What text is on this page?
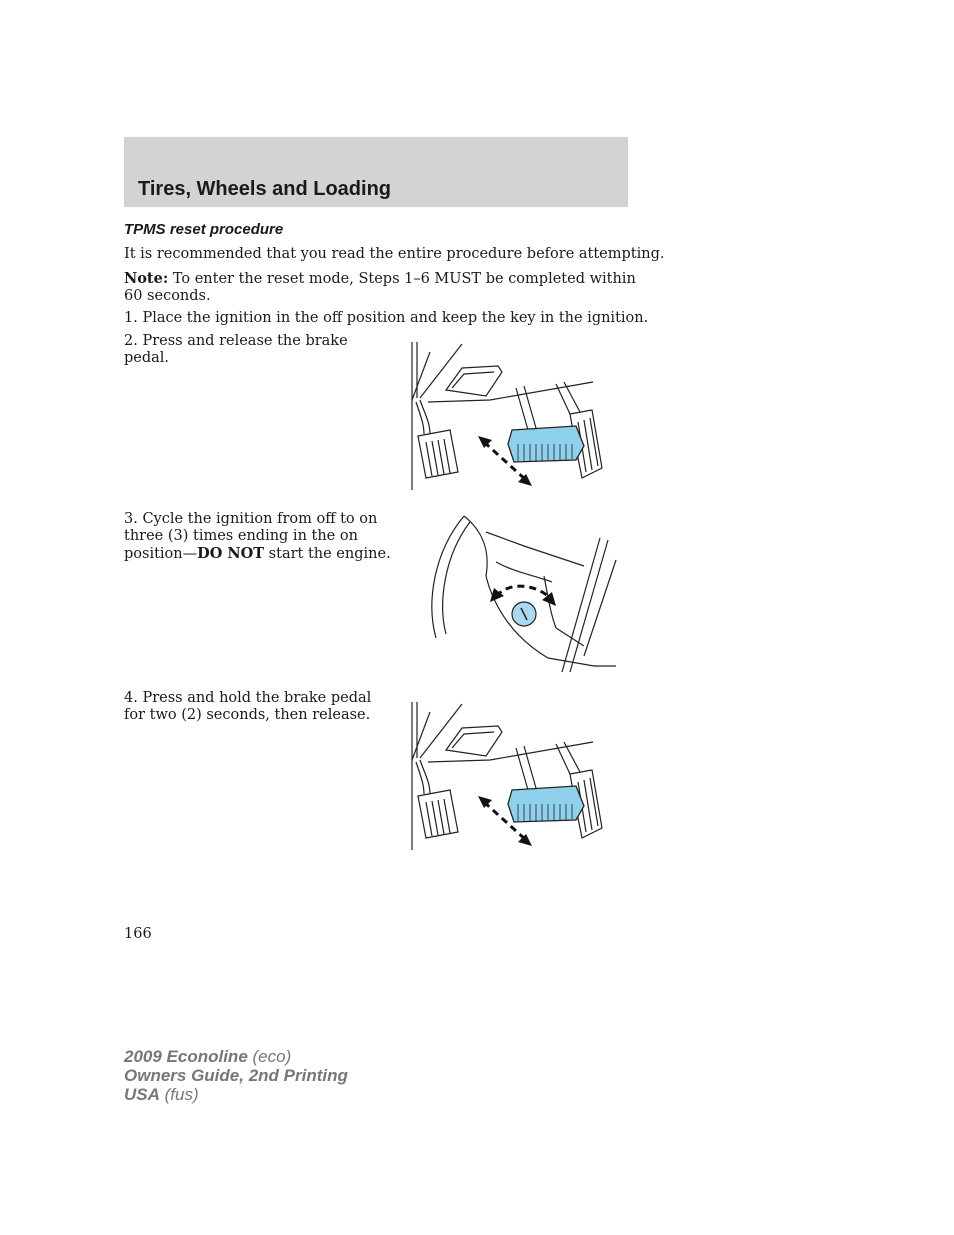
Tires, Wheels and Loading
TPMS reset procedure

It is recommended that you read the entire procedure before attempting.

Note: To enter the reset mode, Steps 1–6 MUST be completed within
60 seconds.

1. Place the ignition in the off position and keep the key in the ignition.

2. Press and release the brake
pedal.

3. Cycle the ignition from off to on
three (3) times ending in the on
position—DO NOT start the engine.

4. Press and hold the brake pedal
for two (2) seconds, then release.

166
2009 Econoline (eco)
Owners Guide, 2nd Printing
USA (fus)
